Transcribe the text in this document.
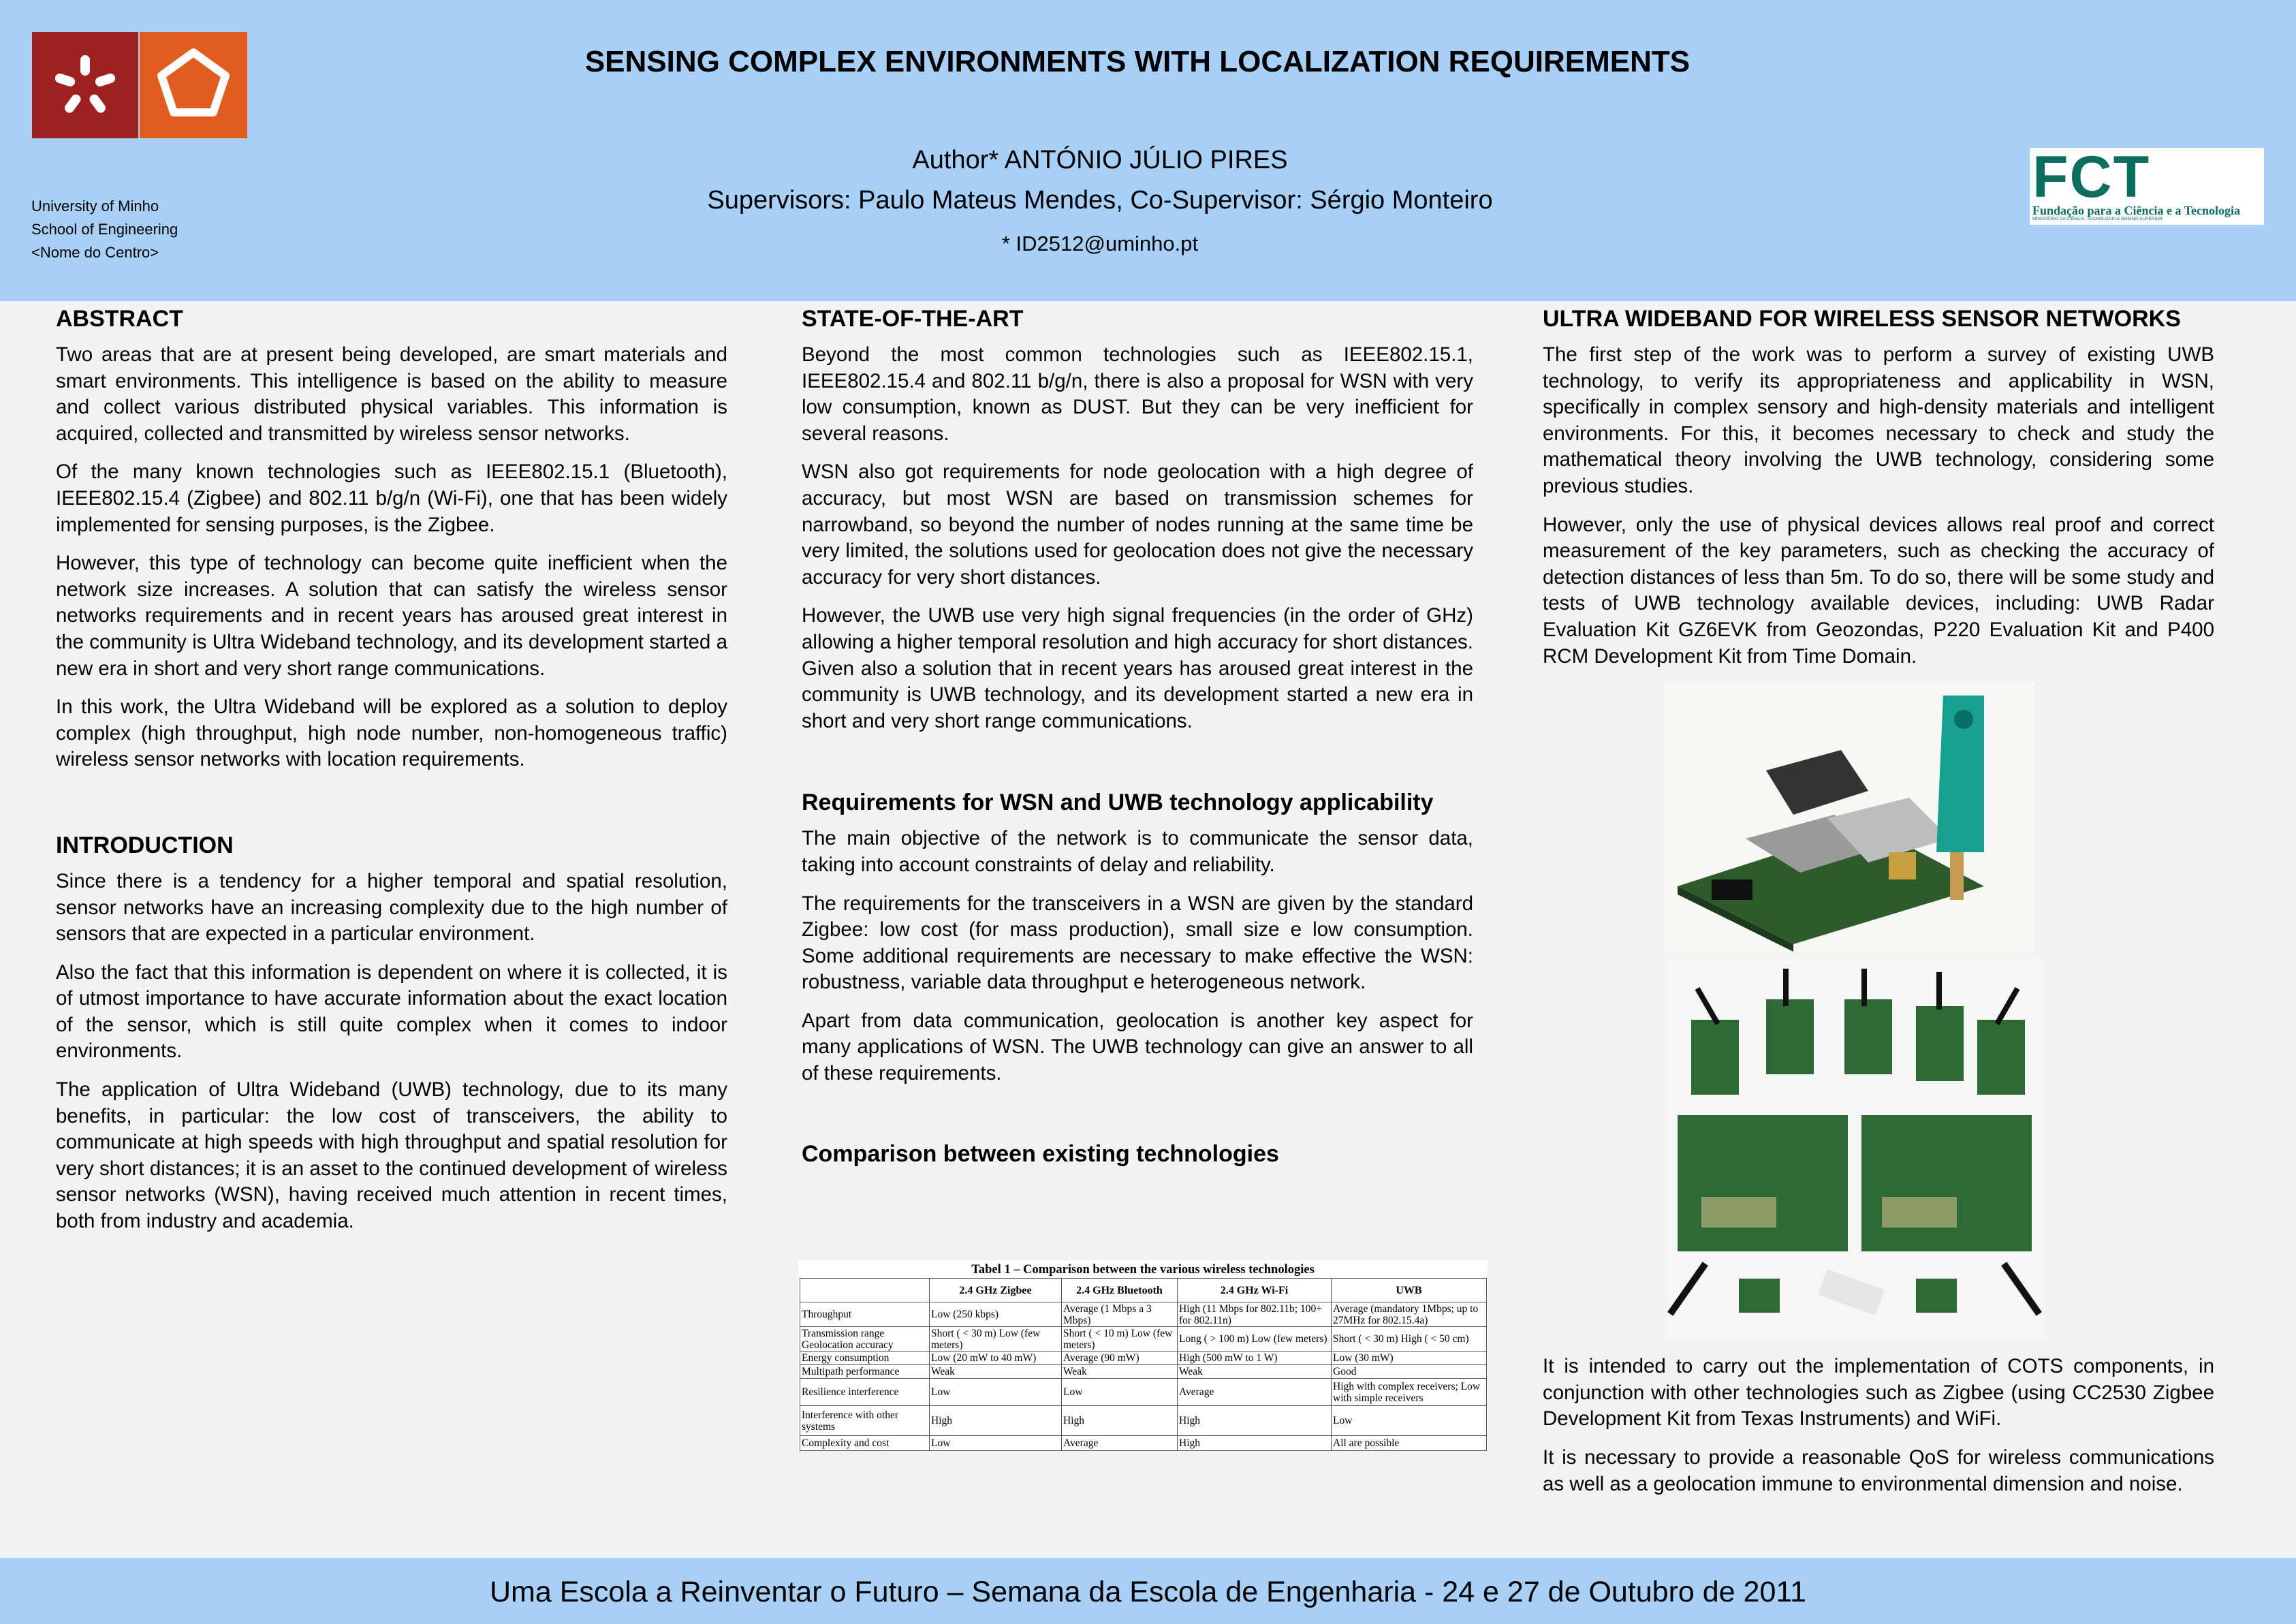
University of Minho
School of Engineering
<Nome do Centro>
SENSING COMPLEX ENVIRONMENTS WITH LOCALIZATION REQUIREMENTS
Author* ANTÓNIO JÚLIO PIRES
Supervisors: Paulo Mateus Mendes, Co-Supervisor: Sérgio Monteiro
* ID2512@uminho.pt
FCT
Fundação para a Ciência e a Tecnologia
MINISTÉRIO DA CIÊNCIA, TECNOLOGIA E ENSINO SUPERIOR
ABSTRACT

Two areas that are at present being developed, are smart materials and smart environments. This intelligence is based on the ability to measure and collect various distributed physical variables. This information is acquired, collected and transmitted by wireless sensor networks.

Of the many known technologies such as IEEE802.15.1 (Bluetooth), IEEE802.15.4 (Zigbee) and 802.11 b/g/n (Wi-Fi), one that has been widely implemented for sensing purposes, is the Zigbee.

However, this type of technology can become quite inefficient when the network size increases. A solution that can satisfy the wireless sensor networks requirements and in recent years has aroused great interest in the community is Ultra Wideband technology, and its development started a new era in short and very short range communications.

In this work, the Ultra Wideband will be explored as a solution to deploy complex (high throughput, high node number, non-homogeneous traffic) wireless sensor networks with location requirements.

INTRODUCTION

Since there is a tendency for a higher temporal and spatial resolution, sensor networks have an increasing complexity due to the high number of sensors that are expected in a particular environment.

Also the fact that this information is dependent on where it is collected, it is of utmost importance to have accurate information about the exact location of the sensor, which is still quite complex when it comes to indoor environments.

The application of Ultra Wideband (UWB) technology, due to its many benefits, in particular: the low cost of transceivers, the ability to communicate at high speeds with high throughput and spatial resolution for very short distances; it is an asset to the continued development of wireless sensor networks (WSN), having received much attention in recent times, both from industry and academia.

STATE-OF-THE-ART

Beyond the most common technologies such as IEEE802.15.1, IEEE802.15.4 and 802.11 b/g/n, there is also a proposal for WSN with very low consumption, known as DUST. But they can be very inefficient for several reasons.

WSN also got requirements for node geolocation with a high degree of accuracy, but most WSN are based on transmission schemes for narrowband, so beyond the number of nodes running at the same time be very limited, the solutions used for geolocation does not give the necessary accuracy for very short distances.

However, the UWB use very high signal frequencies (in the order of GHz) allowing a higher temporal resolution and high accuracy for short distances. Given also a solution that in recent years has aroused great interest in the community is UWB technology, and its development started a new era in short and very short range communications.

Requirements for WSN and UWB technology applicability

The main objective of the network is to communicate the sensor data, taking into account constraints of delay and reliability.

The requirements for the transceivers in a WSN are given by the standard Zigbee: low cost (for mass production), small size e low consumption. Some additional requirements are necessary to make effective the WSN: robustness, variable data throughput e heterogeneous network.

Apart from data communication, geolocation is another key aspect for many applications of WSN. The UWB technology can give an answer to all of these requirements.

Comparison between existing technologies
Tabel 1 – Comparison between the various wireless technologies
	2.4 GHz Zigbee	2.4 GHz Bluetooth	2.4 GHz Wi-Fi	UWB
Throughput	Low (250 kbps)	Average (1 Mbps a 3 Mbps)	High (11 Mbps for 802.11b; 100+ for 802.11n)	Average (mandatory 1Mbps; up to 27MHz for 802.15.4a)
Transmission range Geolocation accuracy	Short ( < 30 m) Low (few meters)	Short ( < 10 m) Low (few meters)	Long ( > 100 m) Low (few meters)	Short ( < 30 m) High ( < 50 cm)
Energy consumption	Low (20 mW to 40 mW)	Average (90 mW)	High (500 mW to 1 W)	Low (30 mW)
Multipath performance	Weak	Weak	Weak	Good
Resilience interference	Low	Low	Average	High with complex receivers; Low with simple receivers
Interference with other systems	High	High	High	Low
Complexity and cost	Low	Average	High	All are possible
ULTRA WIDEBAND FOR WIRELESS SENSOR NETWORKS

The first step of the work was to perform a survey of existing UWB technology, to verify its appropriateness and applicability in WSN, specifically in complex sensory and high-density materials and intelligent environments. For this, it becomes necessary to check and study the mathematical theory involving the UWB technology, considering some previous studies.

However, only the use of physical devices allows real proof and correct measurement of the key parameters, such as checking the accuracy of detection distances of less than 5m. To do so, there will be some study and tests of UWB technology available devices, including: UWB Radar Evaluation Kit GZ6EVK from Geozondas, P220 Evaluation Kit and P400 RCM Development Kit from Time Domain.

It is intended to carry out the implementation of COTS components, in conjunction with other technologies such as Zigbee (using CC2530 Zigbee Development Kit from Texas Instruments) and WiFi.

It is necessary to provide a reasonable QoS for wireless communications as well as a geolocation immune to environmental dimension and noise.

Uma Escola a Reinventar o Futuro – Semana da Escola de Engenharia - 24 e 27 de Outubro de 2011
